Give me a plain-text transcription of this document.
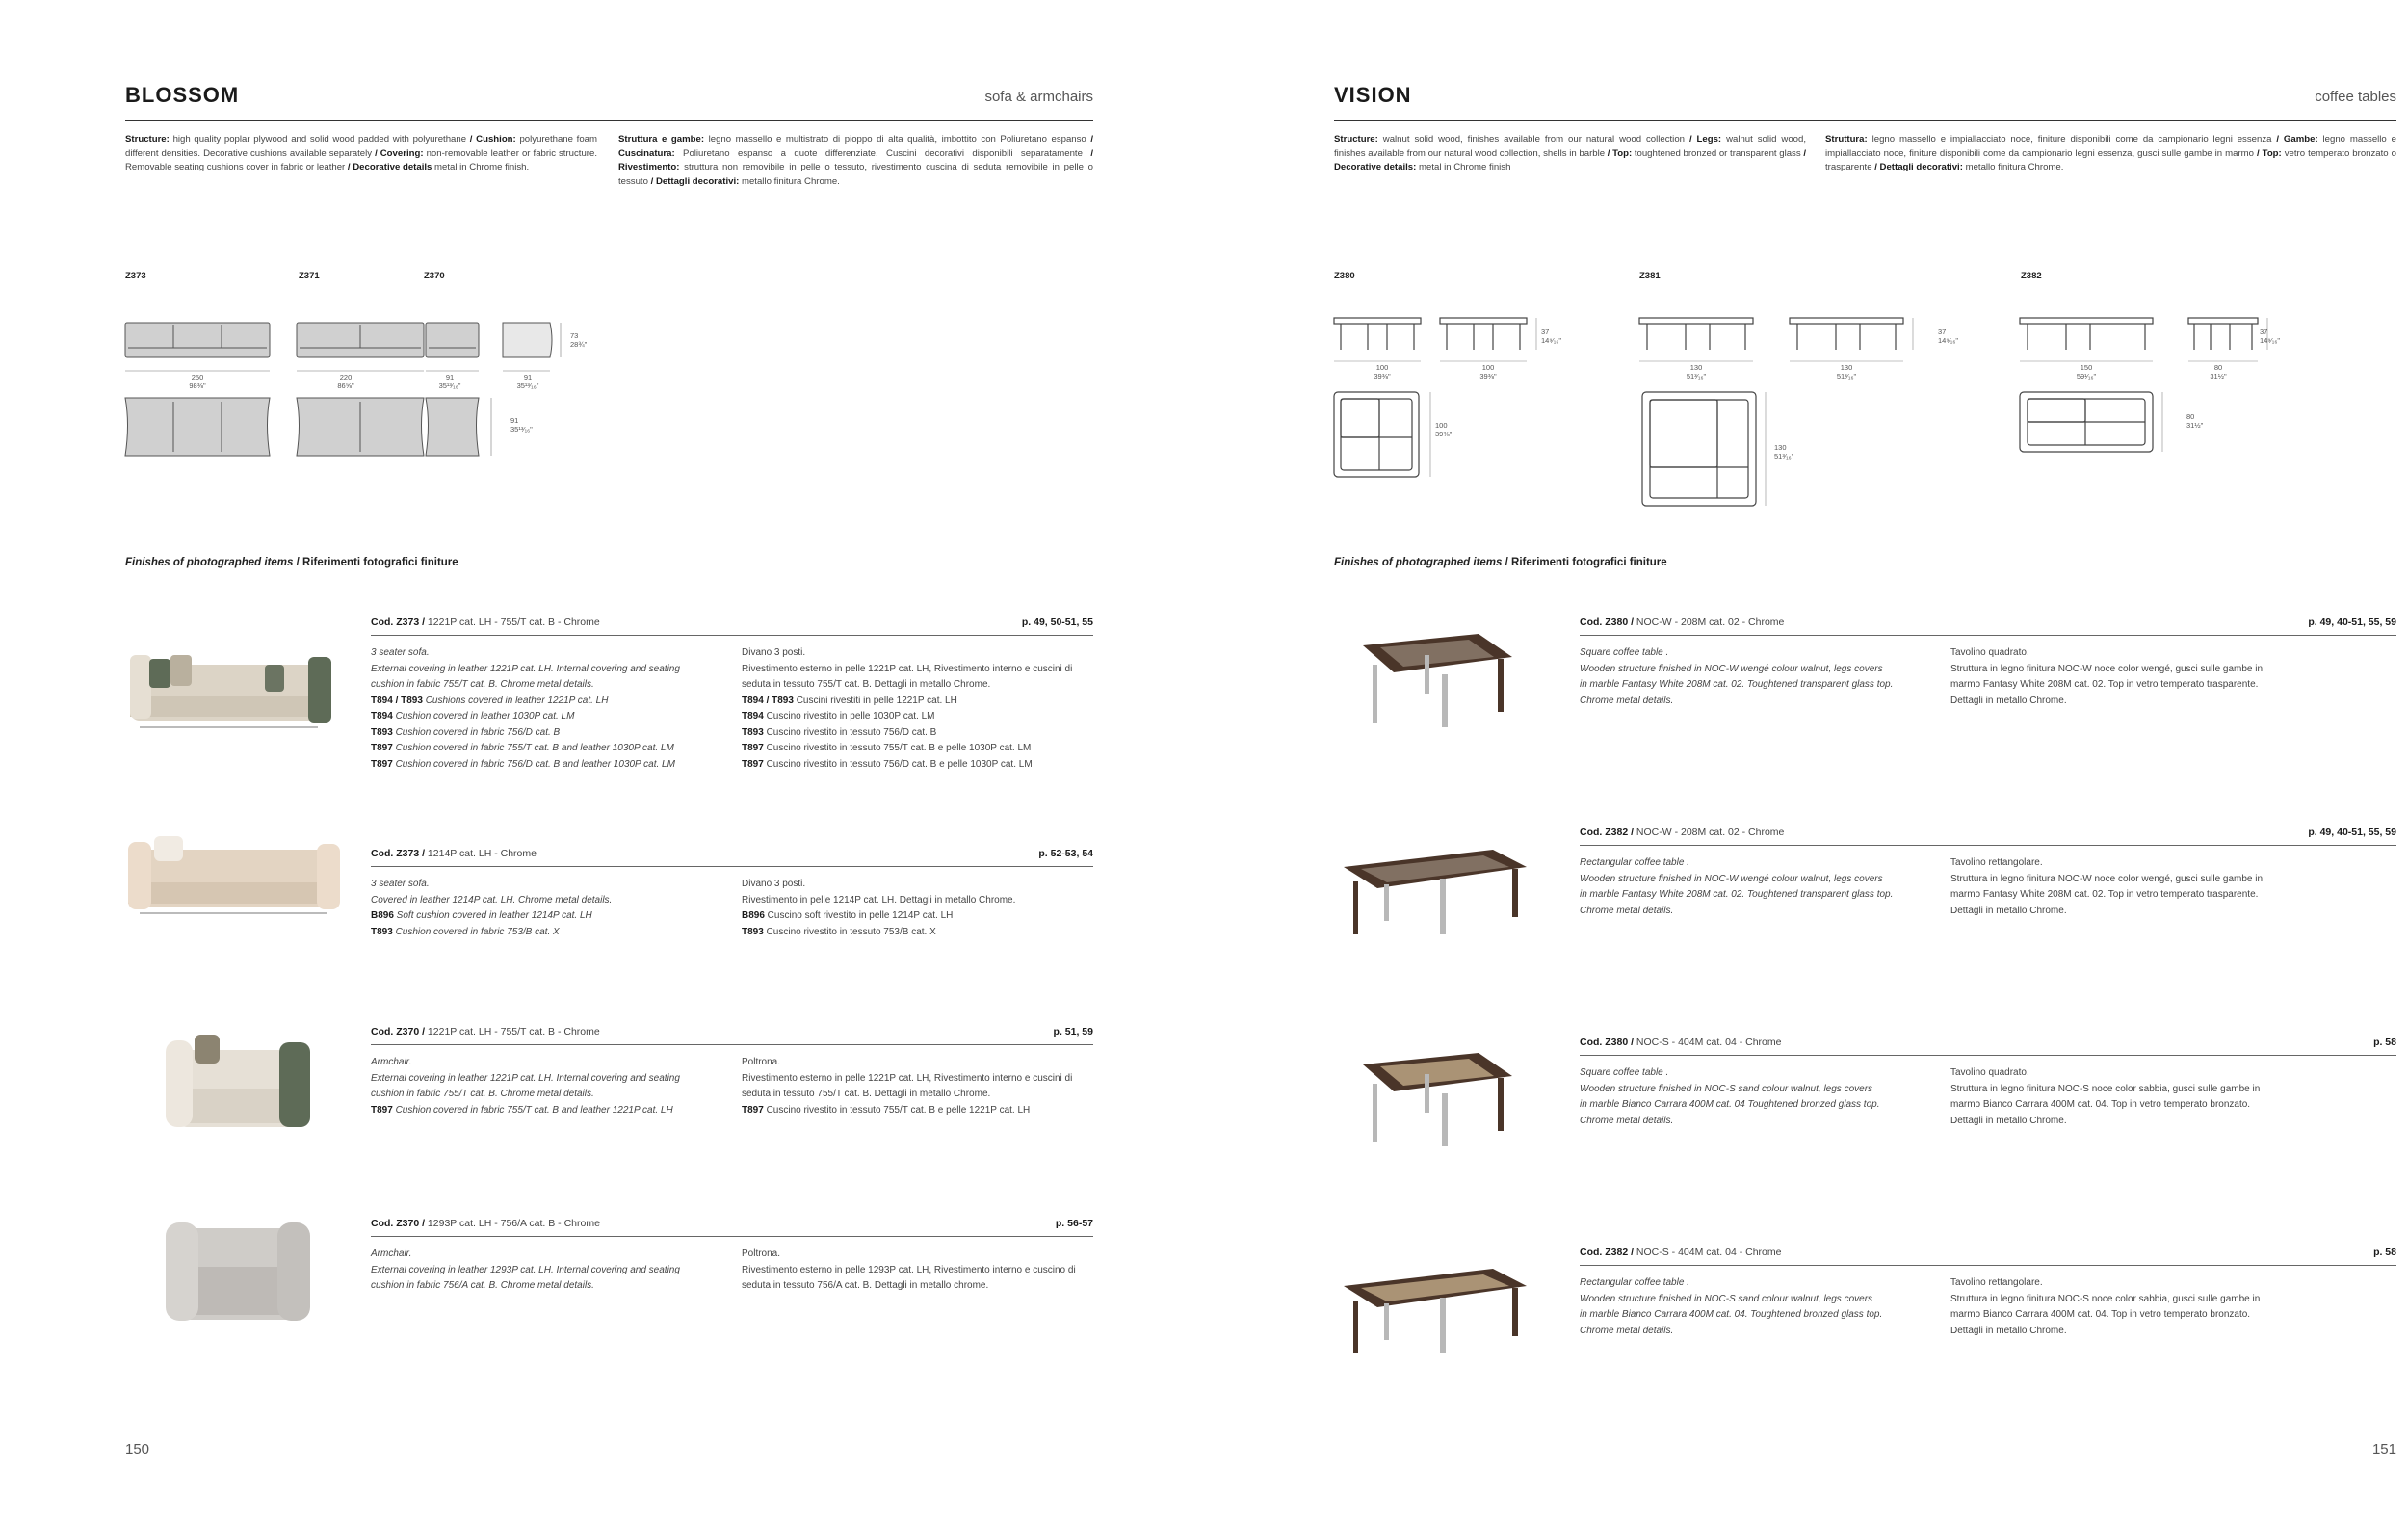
BLOSSOM	sofa & armchairs
Structure: high quality poplar plywood and solid wood padded with polyurethane / Cushion: polyurethane foam different densities. Decorative cushions available separately / Covering: non-removable leather or fabric structure. Removable seating cushions cover in fabric or leather / Decorative details metal in Chrome finish.
Struttura e gambe: legno massello e multistrato di pioppo di alta qualità, imbottito con Poliuretano espanso / Cuscinatura: Poliuretano espanso a quote differenziate. Cuscini decorativi disponibili separatamente / Rivestimento: struttura non removibile in pelle o tessuto, rivestimento cuscina di seduta removibile in pelle o tessuto / Dettagli decorativi: metallo finitura Chrome.
Z373	Z371	Z370
250
98⅜"
220
86⅝"
91
35¹³⁄₁₆"
91
35¹³⁄₁₆"
73
28¾"
91
35¹³⁄₁₆"
Finishes of photographed items / Riferimenti fotografici finiture
Cod. Z373 / 1221P cat. LH - 755/T cat. B - Chrome	p. 49, 50-51, 55
3 seater sofa.
External covering in leather 1221P cat. LH. Internal covering and seating
cushion in fabric 755/T cat. B. Chrome metal details.
T894 / T893 Cushions covered in leather 1221P cat. LH
T894 Cushion covered in leather 1030P cat. LM
T893 Cushion covered in fabric 756/D cat. B
T897 Cushion covered in fabric 755/T cat. B and leather 1030P cat. LM
T897 Cushion covered in fabric 756/D cat. B and leather 1030P cat. LM
Divano 3 posti.
Rivestimento esterno in pelle 1221P cat. LH, Rivestimento interno e cuscini di
seduta in tessuto 755/T cat. B. Dettagli in metallo Chrome.
T894 / T893 Cuscini rivestiti in pelle 1221P cat. LH
T894 Cuscino rivestito in pelle 1030P cat. LM
T893 Cuscino rivestito in tessuto 756/D cat. B
T897 Cuscino rivestito in tessuto 755/T cat. B e pelle 1030P cat. LM
T897 Cuscino rivestito in tessuto 756/D cat. B e pelle 1030P cat. LM
Cod. Z373 / 1214P cat. LH - Chrome	p. 52-53, 54
3 seater sofa.
Covered in leather 1214P cat. LH. Chrome metal details.
B896 Soft cushion covered in leather 1214P cat. LH
T893 Cushion covered in fabric 753/B cat. X
Divano 3 posti.
Rivestimento in pelle 1214P cat. LH. Dettagli in metallo Chrome.
B896 Cuscino soft rivestito in pelle 1214P cat. LH
T893 Cuscino rivestito in tessuto 753/B cat. X
Cod. Z370 / 1221P cat. LH - 755/T cat. B - Chrome	p. 51, 59
Armchair.
External covering in leather 1221P cat. LH. Internal covering and seating
cushion in fabric 755/T cat. B. Chrome metal details.
T897 Cushion covered in fabric 755/T cat. B and leather 1221P cat. LH
Poltrona.
Rivestimento esterno in pelle 1221P cat. LH, Rivestimento interno e cuscini di
seduta in tessuto 755/T cat. B. Dettagli in metallo Chrome.
T897 Cuscino rivestito in tessuto 755/T cat. B e pelle 1221P cat. LH
Cod. Z370 / 1293P cat. LH - 756/A cat. B - Chrome	p. 56-57
Armchair.
External covering in leather 1293P cat. LH. Internal covering and seating
cushion in fabric 756/A cat. B. Chrome metal details.
Poltrona.
Rivestimento esterno in pelle 1293P cat. LH, Rivestimento interno e cuscino di
seduta in tessuto 756/A cat. B. Dettagli in metallo chrome.
150
VISION	coffee tables
Structure: walnut solid wood, finishes available from our natural wood collection / Legs: walnut solid wood, finishes available from our natural wood collection, shells in barble / Top: toughtened bronzed or transparent glass / Decorative details: metal in Chrome finish
Struttura: legno massello e impiallacciato noce, finiture disponibili come da campionario legni essenza / Gambe: legno massello e impiallacciato noce, finiture disponibili come da campionario legni essenza, gusci sulle gambe in marmo / Top: vetro temperato bronzato o trasparente / Dettagli decorativi: metallo finitura Chrome.
Z380	Z381	Z382
100
39⅜"
100
39⅜"
37
14⁹⁄₁₆"
100
39⅜"
130
51³⁄₁₆"
130
51³⁄₁₆"
37
14⁹⁄₁₆"
130
51³⁄₁₆"
150
59¹⁄₁₆"
80
31½"
37
14⁹⁄₁₆"
80
31½"
Finishes of photographed items / Riferimenti fotografici finiture
Cod. Z380 / NOC-W - 208M cat. 02 - Chrome	p. 49, 40-51, 55, 59
Square coffee table .
Wooden structure finished in NOC-W wengé colour walnut, legs covers
in marble Fantasy White 208M cat. 02. Toughtened transparent glass top.
Chrome metal details.
Tavolino quadrato.
Struttura in legno finitura NOC-W noce color wengé, gusci sulle gambe in
marmo Fantasy White 208M cat. 02. Top in vetro temperato trasparente.
Dettagli in metallo Chrome.
Cod. Z382 / NOC-W - 208M cat. 02 - Chrome	p. 49, 40-51, 55, 59
Rectangular coffee table .
Wooden structure finished in NOC-W wengé colour walnut, legs covers
in marble Fantasy White 208M cat. 02. Toughtened transparent glass top.
Chrome metal details.
Tavolino rettangolare.
Struttura in legno finitura NOC-W noce color wengé, gusci sulle gambe in
marmo Fantasy White 208M cat. 02. Top in vetro temperato trasparente.
Dettagli in metallo Chrome.
Cod. Z380 / NOC-S - 404M cat. 04 - Chrome	p. 58
Square coffee table .
Wooden structure finished in NOC-S sand colour walnut, legs covers
in marble Bianco Carrara 400M cat. 04 Toughtened bronzed glass top.
Chrome metal details.
Tavolino quadrato.
Struttura in legno finitura NOC-S noce color sabbia, gusci sulle gambe in
marmo Bianco Carrara 400M cat. 04. Top in vetro temperato bronzato.
Dettagli in metallo Chrome.
Cod. Z382 / NOC-S - 404M cat. 04 - Chrome	p. 58
Rectangular coffee table .
Wooden structure finished in NOC-S sand colour walnut, legs covers
in marble Bianco Carrara 400M cat. 04. Toughtened bronzed glass top.
Chrome metal details.
Tavolino rettangolare.
Struttura in legno finitura NOC-S noce color sabbia, gusci sulle gambe in
marmo Bianco Carrara 400M cat. 04. Top in vetro temperato bronzato.
Dettagli in metallo Chrome.
151
